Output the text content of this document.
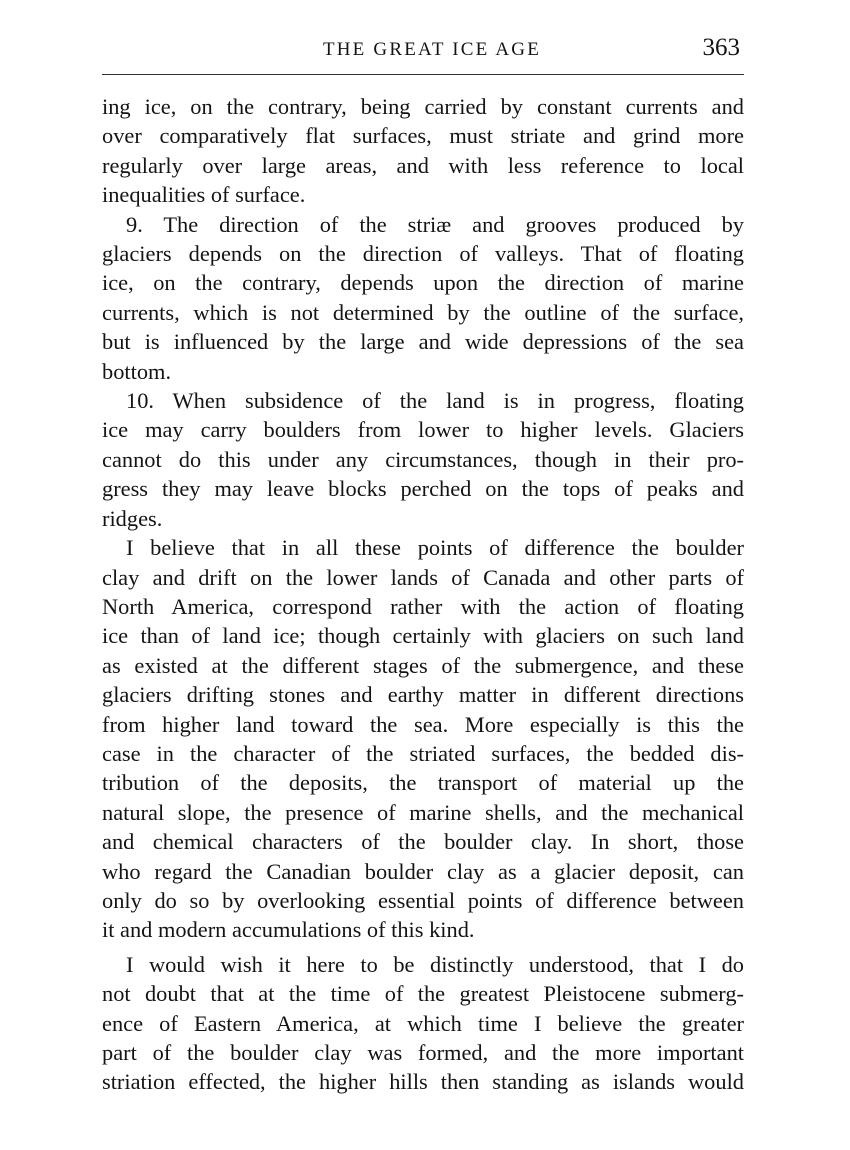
THE GREAT ICE AGE	363

ing ice, on the contrary, being carried by constant currents and
over comparatively flat surfaces, must striate and grind more
regularly over large areas, and with less reference to local
inequalities of surface.

9. The direction of the striæ and grooves produced by
glaciers depends on the direction of valleys. That of floating
ice, on the contrary, depends upon the direction of marine
currents, which is not determined by the outline of the surface,
but is influenced by the large and wide depressions of the sea
bottom.

10. When subsidence of the land is in progress, floating
ice may carry boulders from lower to higher levels. Glaciers
cannot do this under any circumstances, though in their pro-
gress they may leave blocks perched on the tops of peaks and
ridges.

I believe that in all these points of difference the boulder
clay and drift on the lower lands of Canada and other parts of
North America, correspond rather with the action of floating
ice than of land ice; though certainly with glaciers on such land
as existed at the different stages of the submergence, and these
glaciers drifting stones and earthy matter in different directions
from higher land toward the sea. More especially is this the
case in the character of the striated surfaces, the bedded dis-
tribution of the deposits, the transport of material up the
natural slope, the presence of marine shells, and the mechanical
and chemical characters of the boulder clay. In short, those
who regard the Canadian boulder clay as a glacier deposit, can
only do so by overlooking essential points of difference between
it and modern accumulations of this kind.

I would wish it here to be distinctly understood, that I do
not doubt that at the time of the greatest Pleistocene submerg-
ence of Eastern America, at which time I believe the greater
part of the boulder clay was formed, and the more important
striation effected, the higher hills then standing as islands would
